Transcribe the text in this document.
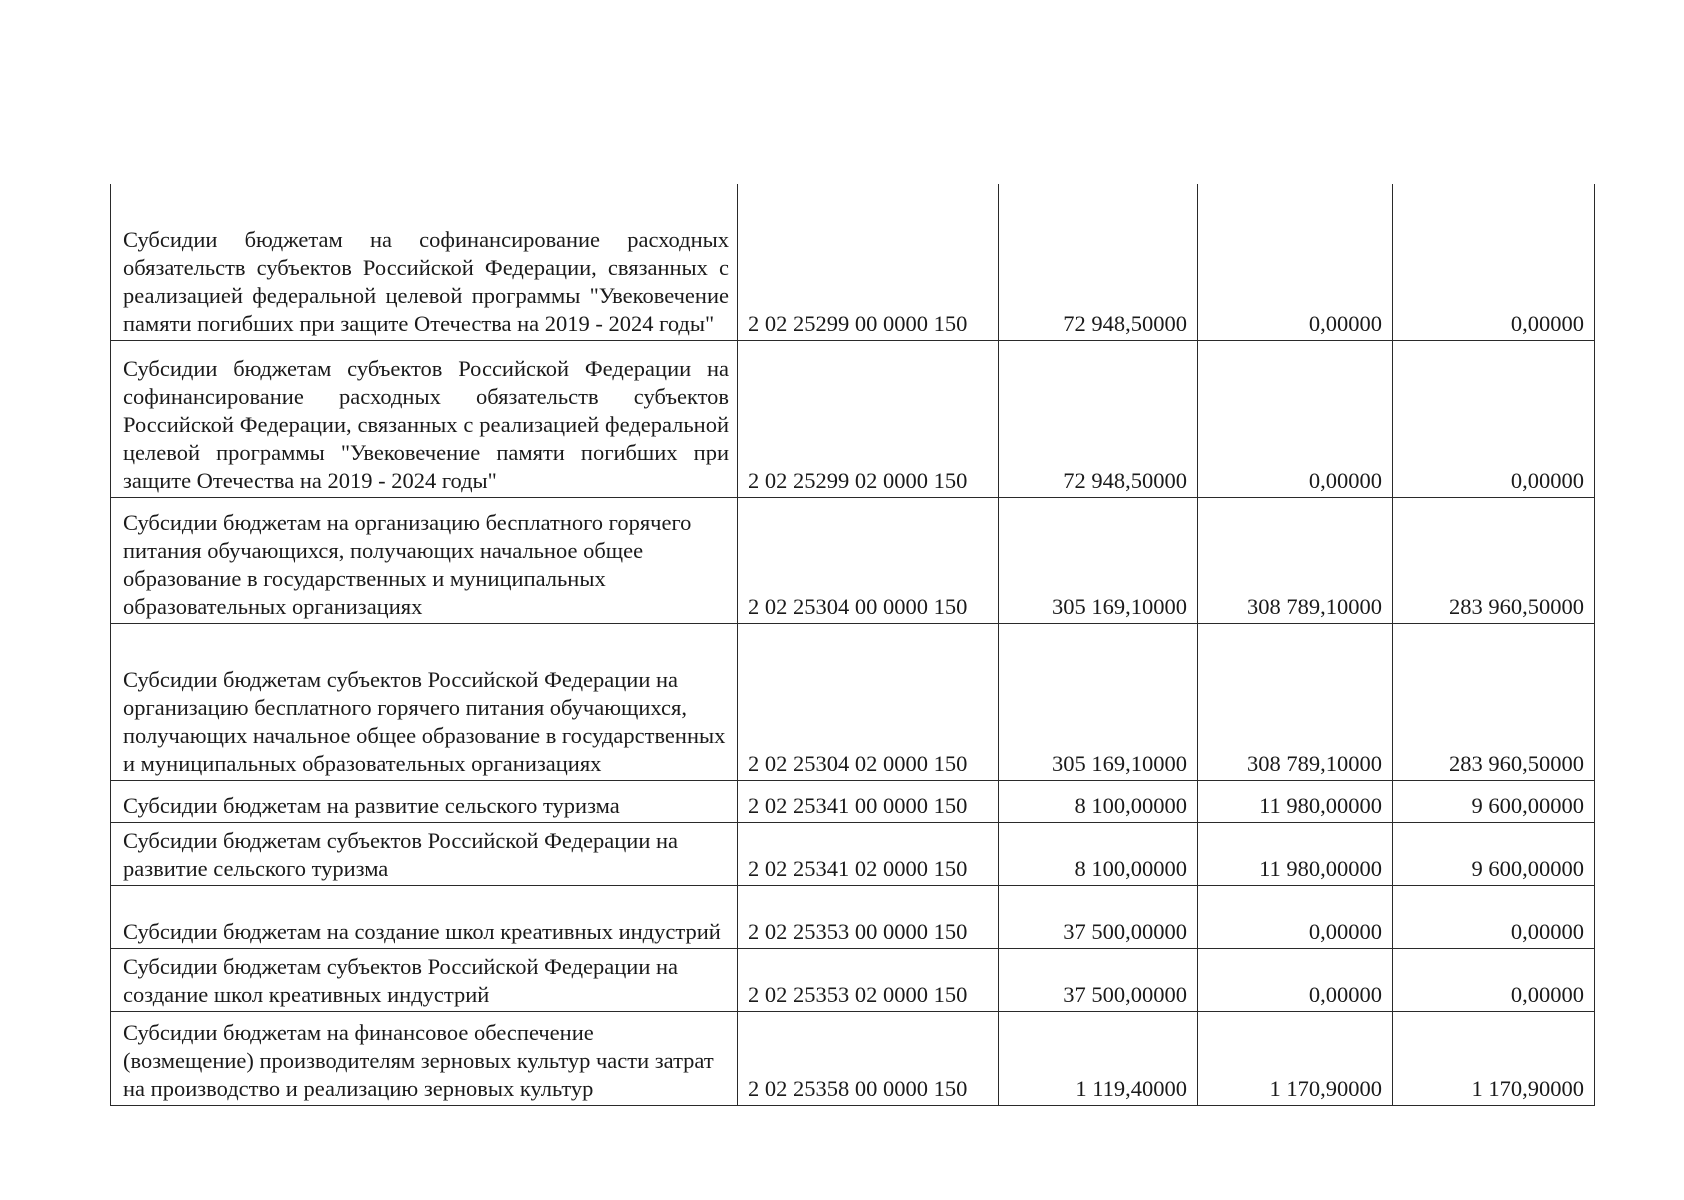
Субсидии бюджетам на софинансирование расходных обязательств субъектов Российской Федерации, связанных с реализацией федеральной целевой программы "Увековечение памяти погибших при защите Отечества на 2019 - 2024 годы"	2 02 25299 00 0000 150	72 948,50000	0,00000	0,00000
Субсидии бюджетам субъектов Российской Федерации на софинансирование расходных обязательств субъектов Российской Федерации, связанных с реализацией федеральной целевой программы "Увековечение памяти погибших при защите Отечества на 2019 - 2024 годы"	2 02 25299 02 0000 150	72 948,50000	0,00000	0,00000
Субсидии бюджетам на организацию бесплатного горячего питания обучающихся, получающих начальное общее образование в государственных и муниципальных образовательных организациях	2 02 25304 00 0000 150	305 169,10000	308 789,10000	283 960,50000
Субсидии бюджетам субъектов Российской Федерации на организацию бесплатного горячего питания обучающихся, получающих начальное общее образование в государственных и муниципальных образовательных организациях	2 02 25304 02 0000 150	305 169,10000	308 789,10000	283 960,50000
Субсидии бюджетам на развитие сельского туризма	2 02 25341 00 0000 150	8 100,00000	11 980,00000	9 600,00000
Субсидии бюджетам субъектов Российской Федерации на развитие сельского туризма	2 02 25341 02 0000 150	8 100,00000	11 980,00000	9 600,00000
Субсидии бюджетам на создание школ креативных индустрий	2 02 25353 00 0000 150	37 500,00000	0,00000	0,00000
Субсидии бюджетам субъектов Российской Федерации на создание школ креативных индустрий	2 02 25353 02 0000 150	37 500,00000	0,00000	0,00000
Субсидии бюджетам на финансовое обеспечение (возмещение) производителям зерновых культур части затрат на производство и реализацию зерновых культур	2 02 25358 00 0000 150	1 119,40000	1 170,90000	1 170,90000
